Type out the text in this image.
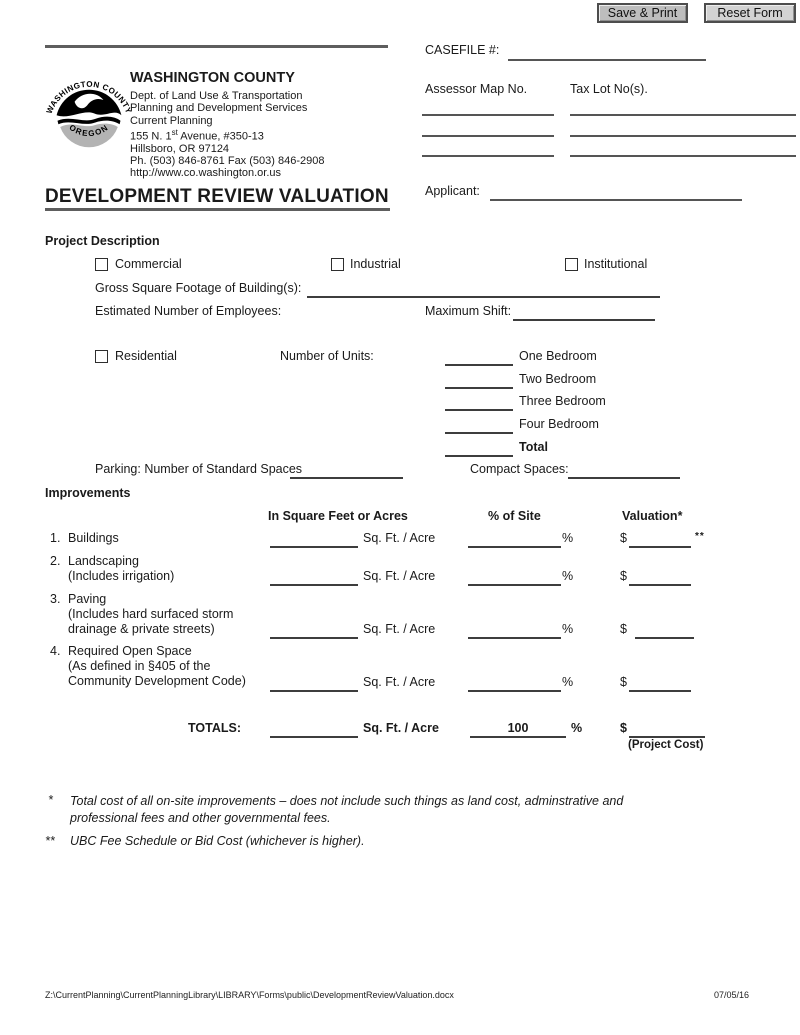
Save & Print	Reset Form
WASHINGTON COUNTY
OREGON
WASHINGTON COUNTY
Dept. of Land Use & Transportation
Planning and Development Services
Current Planning
155 N. 1st Avenue, #350-13
Hillsboro, OR 97124
Ph. (503) 846-8761 Fax (503) 846-2908
http://www.co.washington.or.us
DEVELOPMENT REVIEW VALUATION
CASEFILE #:
Assessor Map No.	Tax Lot No(s).
Applicant:
Project Description
Commercial	Industrial	Institutional
Gross Square Footage of Building(s):
Estimated Number of Employees:	Maximum Shift:
Residential	Number of Units:	One Bedroom
Two Bedroom
Three Bedroom
Four Bedroom
Total
Parking: Number of Standard Spaces	Compact Spaces:
Improvements
In Square Feet or Acres	% of Site	Valuation*
1. Buildings	Sq. Ft. / Acre	%	$	**
2. Landscaping
(Includes irrigation)	Sq. Ft. / Acre	%	$
3. Paving
(Includes hard surfaced storm
drainage & private streets)	Sq. Ft. / Acre	%	$
4. Required Open Space
(As defined in §405 of the
Community Development Code)	Sq. Ft. / Acre	%	$
TOTALS:	Sq. Ft. / Acre	100	%	$
(Project Cost)
* Total cost of all on-site improvements – does not include such things as land cost, adminstrative and
professional fees and other governmental fees.
** UBC Fee Schedule or Bid Cost (whichever is higher).
Z:\CurrentPlanning\CurrentPlanningLibrary\LIBRARY\Forms\public\DevelopmentReviewValuation.docx	07/05/16
